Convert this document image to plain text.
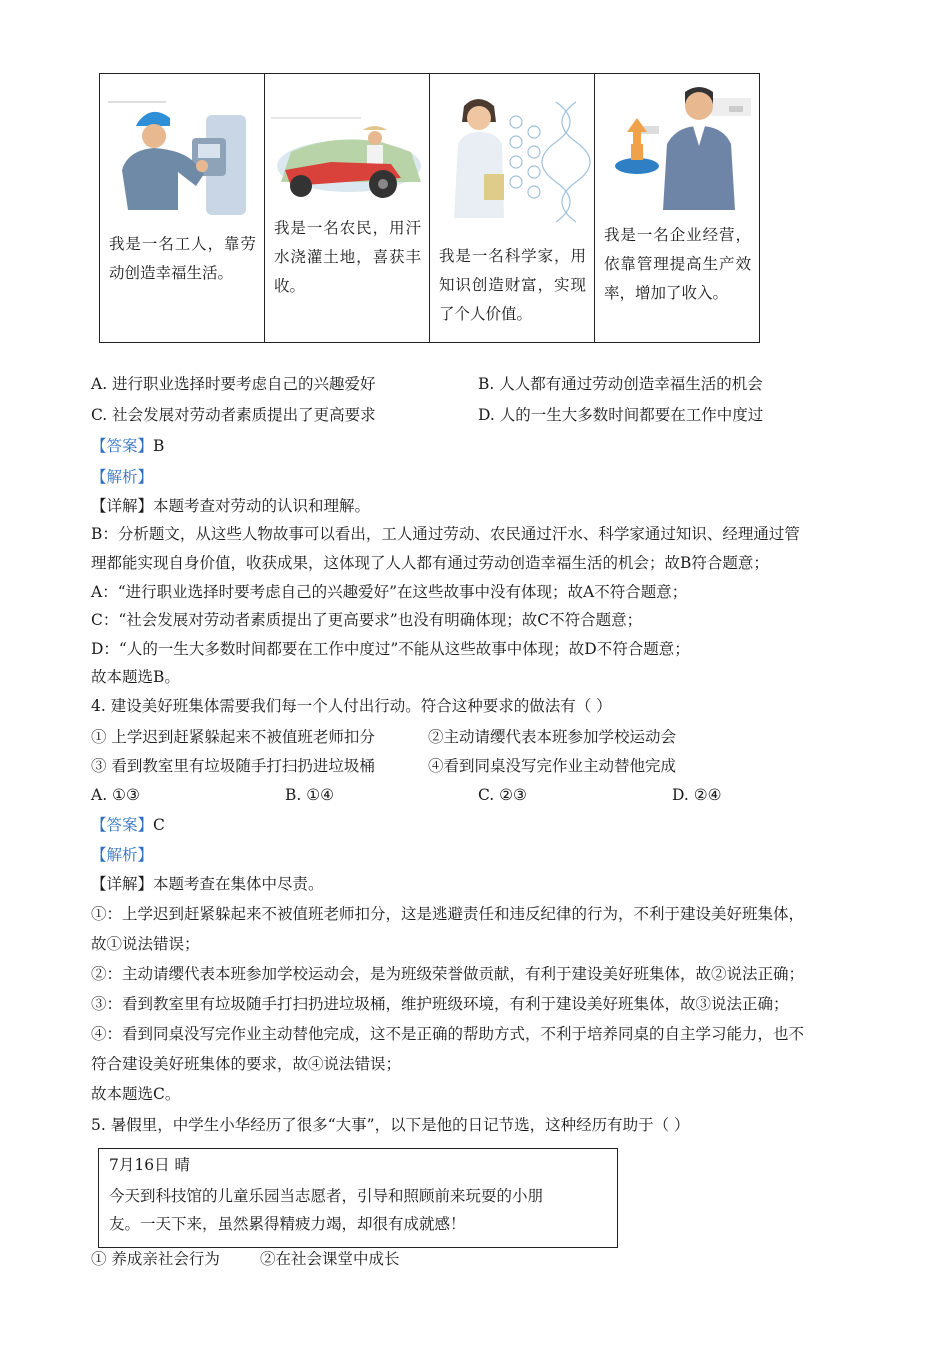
我是一名工人，靠劳动创造幸福生活。
我是一名农民，用汗水浇灌土地，喜获丰收。
我是一名科学家，用知识创造财富，实现了个人价值。
我是一名企业经营，依靠管理提高生产效率，增加了收入。
A. 进行职业选择时要考虑自己的兴趣爱好	B. 人人都有通过劳动创造幸福生活的机会
C. 社会发展对劳动者素质提出了更高要求	D. 人的一生大多数时间都要在工作中度过
【答案】B
【解析】
【详解】本题考查对劳动的认识和理解。
B：分析题文，从这些人物故事可以看出，工人通过劳动、农民通过汗水、科学家通过知识、经理通过管
理都能实现自身价值，收获成果，这体现了人人都有通过劳动创造幸福生活的机会；故B符合题意；
A：“进行职业选择时要考虑自己的兴趣爱好”在这些故事中没有体现；故A不符合题意；
C：“社会发展对劳动者素质提出了更高要求”也没有明确体现；故C不符合题意；
D：“人的一生大多数时间都要在工作中度过”不能从这些故事中体现；故D不符合题意；
故本题选B。
4. 建设美好班集体需要我们每一个人付出行动。符合这种要求的做法有（ ）
① 上学迟到赶紧躲起来不被值班老师扣分	②主动请缨代表本班参加学校运动会
③ 看到教室里有垃圾随手打扫扔进垃圾桶	④看到同桌没写完作业主动替他完成
A. ①③	B. ①④	C. ②③	D. ②④
【答案】C
【解析】
【详解】本题考查在集体中尽责。
①：上学迟到赶紧躲起来不被值班老师扣分，这是逃避责任和违反纪律的行为，不利于建设美好班集体，
故①说法错误；
②：主动请缨代表本班参加学校运动会，是为班级荣誉做贡献，有利于建设美好班集体，故②说法正确；
③：看到教室里有垃圾随手打扫扔进垃圾桶，维护班级环境，有利于建设美好班集体，故③说法正确；
④：看到同桌没写完作业主动替他完成，这不是正确的帮助方式，不利于培养同桌的自主学习能力，也不
符合建设美好班集体的要求，故④说法错误；
故本题选C。
5. 暑假里，中学生小华经历了很多“大事”，以下是他的日记节选，这种经历有助于（ ）
7月16日 晴
今天到科技馆的儿童乐园当志愿者，引导和照顾前来玩耍的小朋
友。一天下来，虽然累得精疲力竭，却很有成就感！
① 养成亲社会行为	②在社会课堂中成长
